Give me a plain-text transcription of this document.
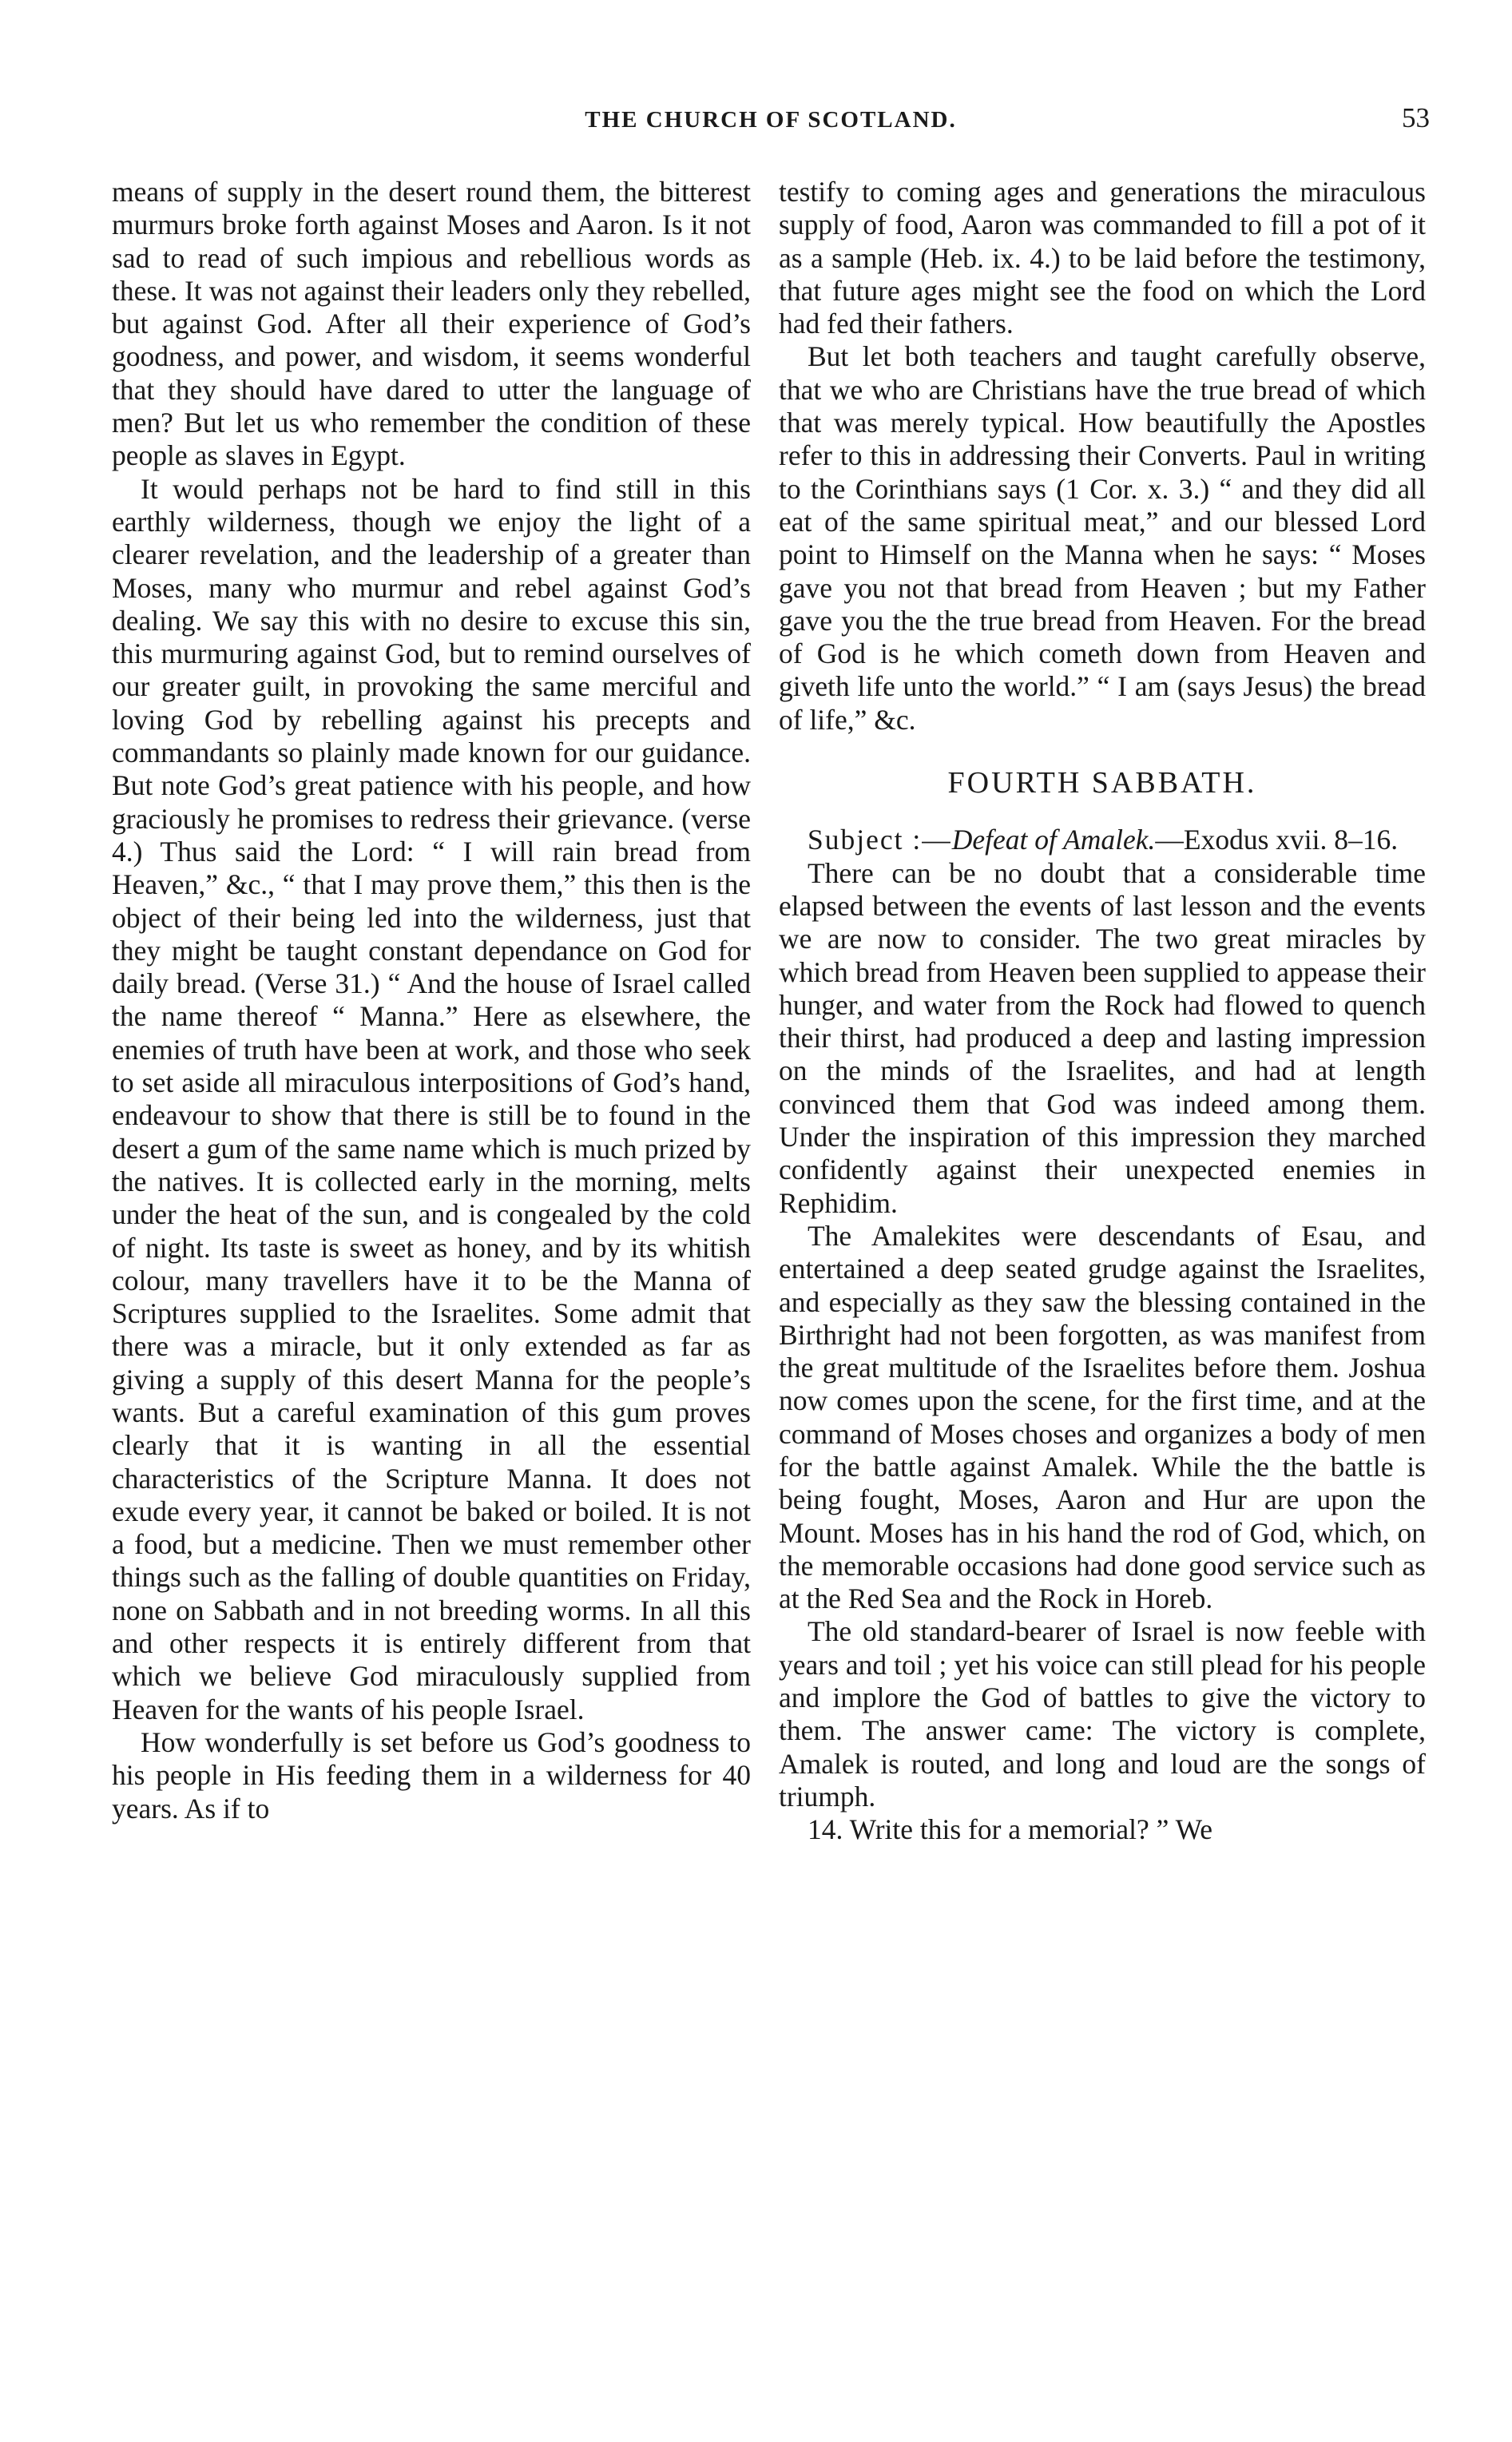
THE CHURCH OF SCOTLAND.	53

means of supply in the desert round them, the bitterest murmurs broke forth against Moses and Aaron. Is it not sad to read of such impious and rebellious words as these. It was not against their leaders only they rebelled, but against God. After all their experience of God’s goodness, and power, and wisdom, it seems wonderful that they should have dared to utter the language of men? But let us who remember the condition of these people as slaves in Egypt.

It would perhaps not be hard to find still in this earthly wilderness, though we enjoy the light of a clearer revelation, and the leadership of a greater than Moses, many who murmur and rebel against God’s dealing. We say this with no desire to excuse this sin, this murmuring against God, but to remind ourselves of our greater guilt, in provoking the same merciful and loving God by rebelling against his precepts and commandants so plainly made known for our guidance. But note God’s great patience with his people, and how graciously he promises to redress their grievance. (verse 4.) Thus said the Lord: “ I will rain bread from Heaven,” &c., “ that I may prove them,” this then is the object of their being led into the wilderness, just that they might be taught constant dependance on God for daily bread. (Verse 31.) “ And the house of Israel called the name thereof “ Manna.” Here as elsewhere, the enemies of truth have been at work, and those who seek to set aside all miraculous interpositions of God’s hand, endeavour to show that there is still be to found in the desert a gum of the same name which is much prized by the natives. It is collected early in the morning, melts under the heat of the sun, and is congealed by the cold of night. Its taste is sweet as honey, and by its whitish colour, many travellers have it to be the Manna of Scriptures supplied to the Israelites. Some admit that there was a miracle, but it only extended as far as giving a supply of this desert Manna for the people’s wants. But a careful examination of this gum proves clearly that it is wanting in all the essential characteristics of the Scripture Manna. It does not exude every year, it cannot be baked or boiled. It is not a food, but a medicine. Then we must remember other things such as the falling of double quantities on Friday, none on Sabbath and in not breeding worms. In all this and other respects it is entirely different from that which we believe God miraculously supplied from Heaven for the wants of his people Israel.

How wonderfully is set before us God’s goodness to his people in His feeding them in a wilderness for 40 years. As if to

testify to coming ages and generations the miraculous supply of food, Aaron was commanded to fill a pot of it as a sample (Heb. ix. 4.) to be laid before the testimony, that future ages might see the food on which the Lord had fed their fathers.

But let both teachers and taught carefully observe, that we who are Christians have the true bread of which that was merely typical. How beautifully the Apostles refer to this in addressing their Converts. Paul in writing to the Corinthians says (1 Cor. x. 3.) “ and they did all eat of the same spiritual meat,” and our blessed Lord point to Himself on the Manna when he says: “ Moses gave you not that bread from Heaven ; but my Father gave you the the true bread from Heaven. For the bread of God is he which cometh down from Heaven and giveth life unto the world.” “ I am (says Jesus) the bread of life,” &c.

FOURTH SABBATH.

Subject :—Defeat of Amalek.—Exodus xvii. 8–16.

There can be no doubt that a considerable time elapsed between the events of last lesson and the events we are now to consider. The two great miracles by which bread from Heaven been supplied to appease their hunger, and water from the Rock had flowed to quench their thirst, had produced a deep and lasting impression on the minds of the Israelites, and had at length convinced them that God was indeed among them. Under the inspiration of this impression they marched confidently against their unexpected enemies in Rephidim.

The Amalekites were descendants of Esau, and entertained a deep seated grudge against the Israelites, and especially as they saw the blessing contained in the Birthright had not been forgotten, as was manifest from the great multitude of the Israelites before them. Joshua now comes upon the scene, for the first time, and at the command of Moses choses and organizes a body of men for the battle against Amalek. While the the battle is being fought, Moses, Aaron and Hur are upon the Mount. Moses has in his hand the rod of God, which, on the memorable occasions had done good service such as at the Red Sea and the Rock in Horeb.

The old standard-bearer of Israel is now feeble with years and toil ; yet his voice can still plead for his people and implore the God of battles to give the victory to them. The answer came: The victory is complete, Amalek is routed, and long and loud are the songs of triumph.

14. Write this for a memorial? ” We
